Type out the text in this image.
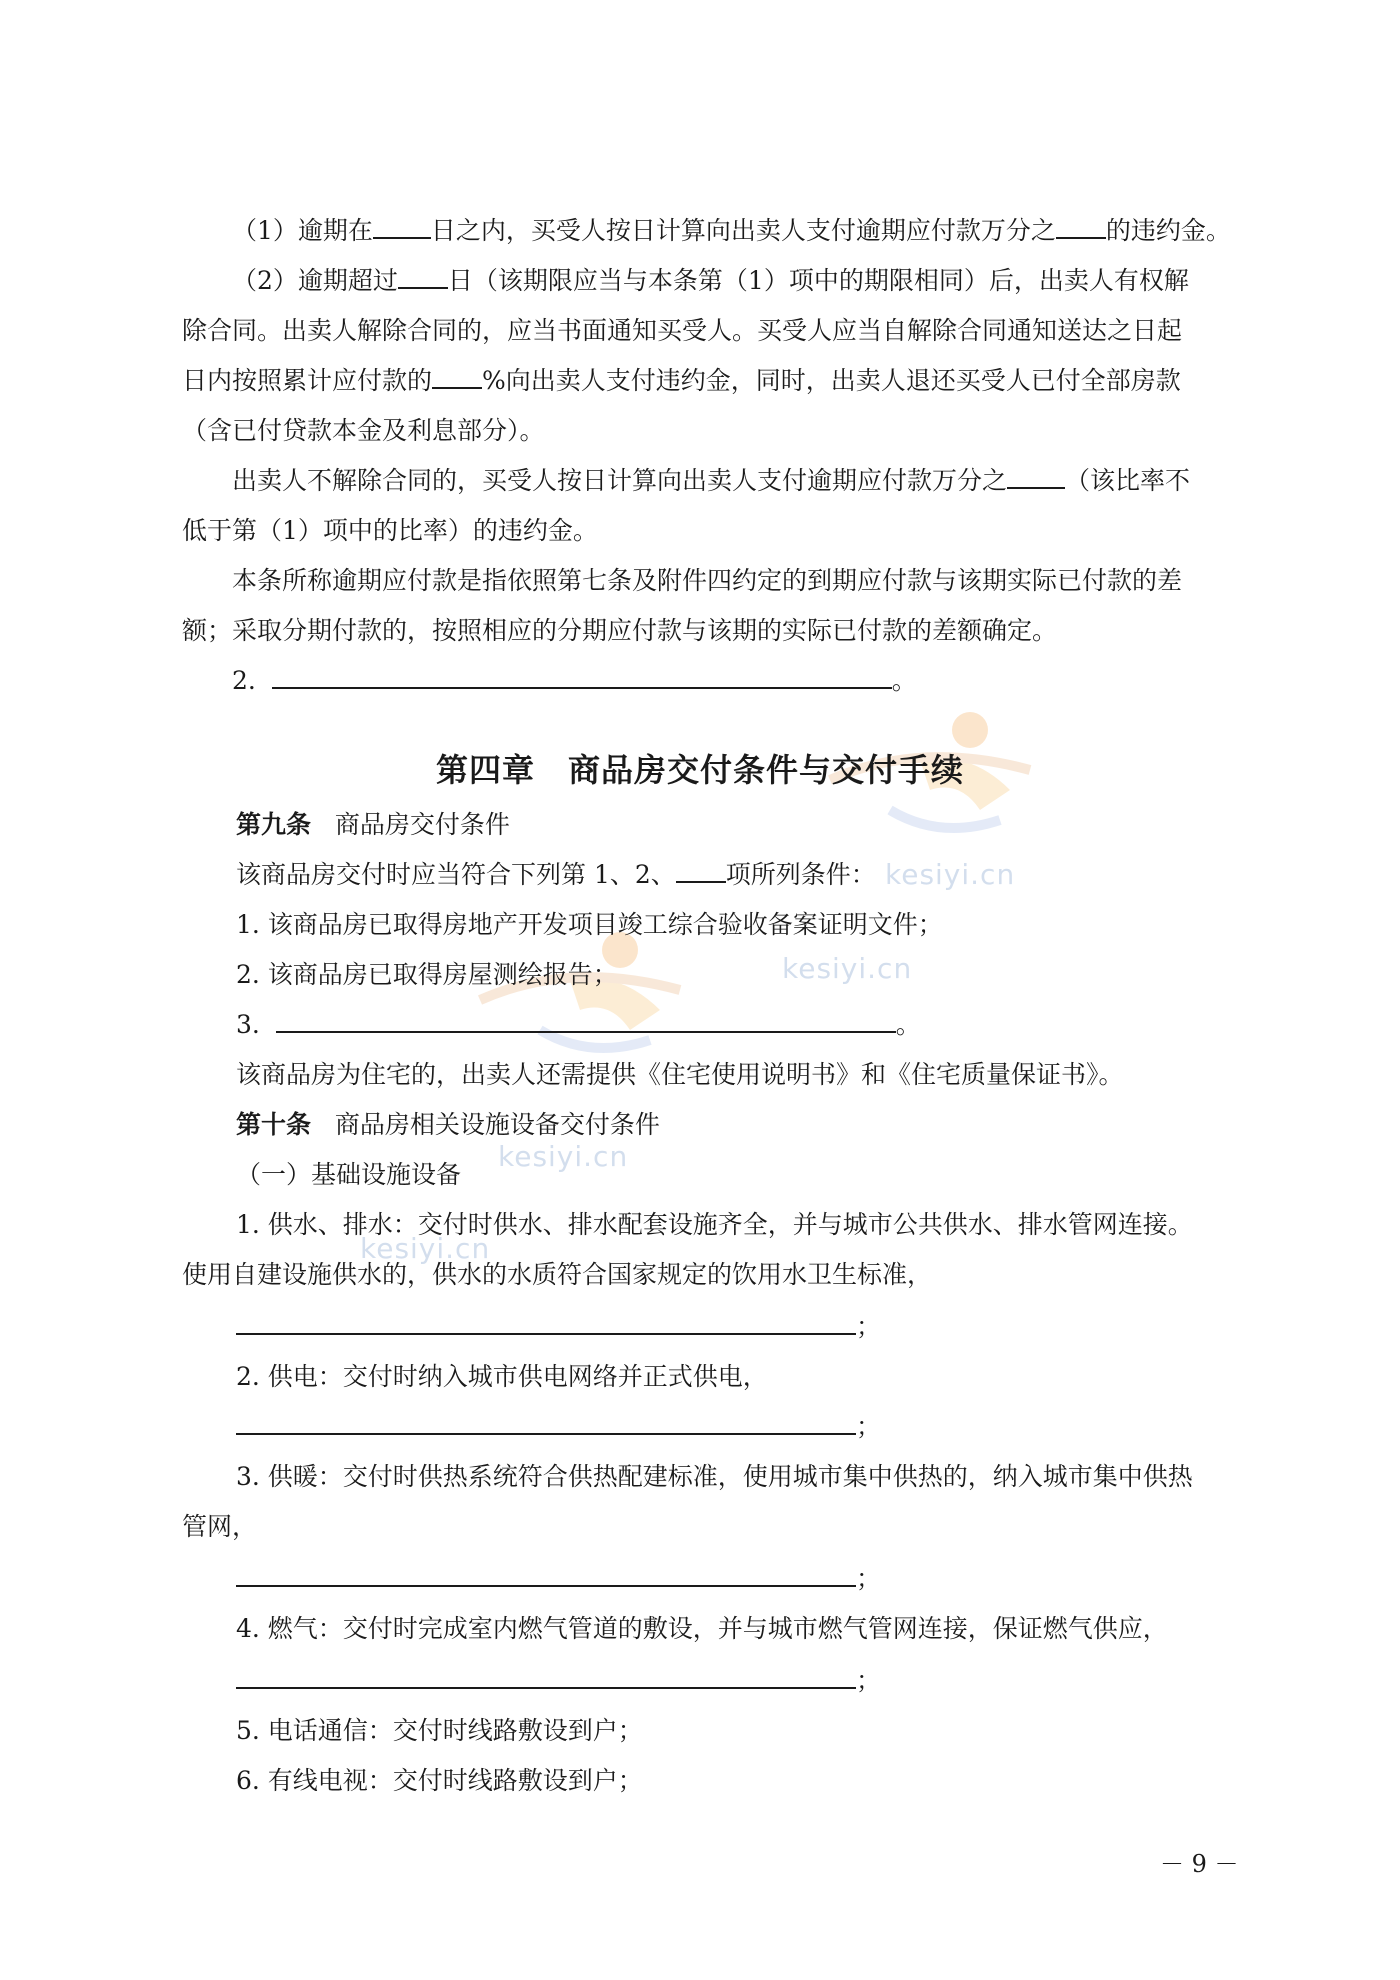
kesiyi.cn
kesiyi.cn
kesiyi.cn
kesiyi.cn
（1）逾期在 日之内，买受人按日计算向出卖人支付逾期应付款万分之 的违约金。
（2）逾期超过 日（该期限应当与本条第（1）项中的期限相同）后，出卖人有权解
除合同。出卖人解除合同的，应当书面通知买受人。买受人应当自解除合同通知送达之日起
日内按照累计应付款的 %向出卖人支付违约金，同时，出卖人退还买受人已付全部房款
（含已付贷款本金及利息部分）。
出卖人不解除合同的，买受人按日计算向出卖人支付逾期应付款万分之 （该比率不
低于第（1）项中的比率）的违约金。
本条所称逾期应付款是指依照第七条及附件四约定的到期应付款与该期实际已付款的差
额；采取分期付款的，按照相应的分期应付款与该期的实际已付款的差额确定。
2.	。
第四章　商品房交付条件与交付手续
第九条 商品房交付条件
该商品房交付时应当符合下列第 1、2、 项所列条件：
1. 该商品房已取得房地产开发项目竣工综合验收备案证明文件；
2. 该商品房已取得房屋测绘报告；
3.	。
该商品房为住宅的，出卖人还需提供《住宅使用说明书》和《住宅质量保证书》。
第十条 商品房相关设施设备交付条件
（一）基础设施设备
1. 供水、排水：交付时供水、排水配套设施齐全，并与城市公共供水、排水管网连接。
使用自建设施供水的，供水的水质符合国家规定的饮用水卫生标准，
；
2. 供电：交付时纳入城市供电网络并正式供电，
；
3. 供暖：交付时供热系统符合供热配建标准，使用城市集中供热的，纳入城市集中供热
管网，
；
4. 燃气：交付时完成室内燃气管道的敷设，并与城市燃气管网连接，保证燃气供应，
；
5. 电话通信：交付时线路敷设到户；
6. 有线电视：交付时线路敷设到户；
－ 9 －
